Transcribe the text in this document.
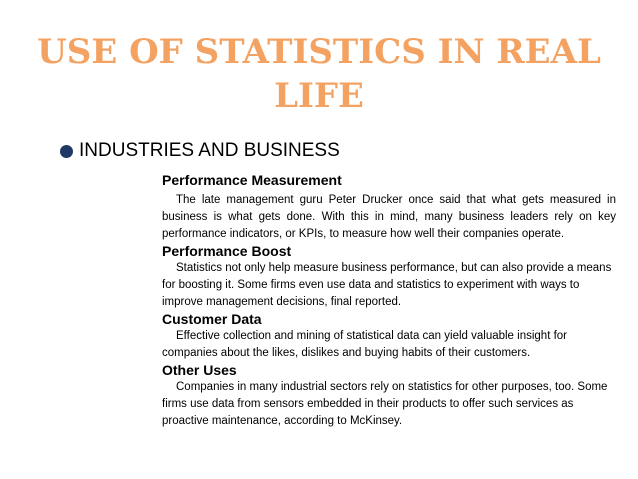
USE OF STATISTICS IN REAL LIFE
INDUSTRIES AND BUSINESS

Performance Measurement

The late management guru Peter Drucker once said that what gets measured in business is what gets done. With this in mind, many business leaders rely on key performance indicators, or KPIs, to measure how well their companies operate.

Performance Boost

Statistics not only help measure business performance, but can also provide a means for boosting it. Some firms even use data and statistics to experiment with ways to improve management decisions, final reported.

Customer Data

Effective collection and mining of statistical data can yield valuable insight for companies about the likes, dislikes and buying habits of their customers.

Other Uses

Companies in many industrial sectors rely on statistics for other purposes, too. Some firms use data from sensors embedded in their products to offer such services as proactive maintenance, according to McKinsey.
